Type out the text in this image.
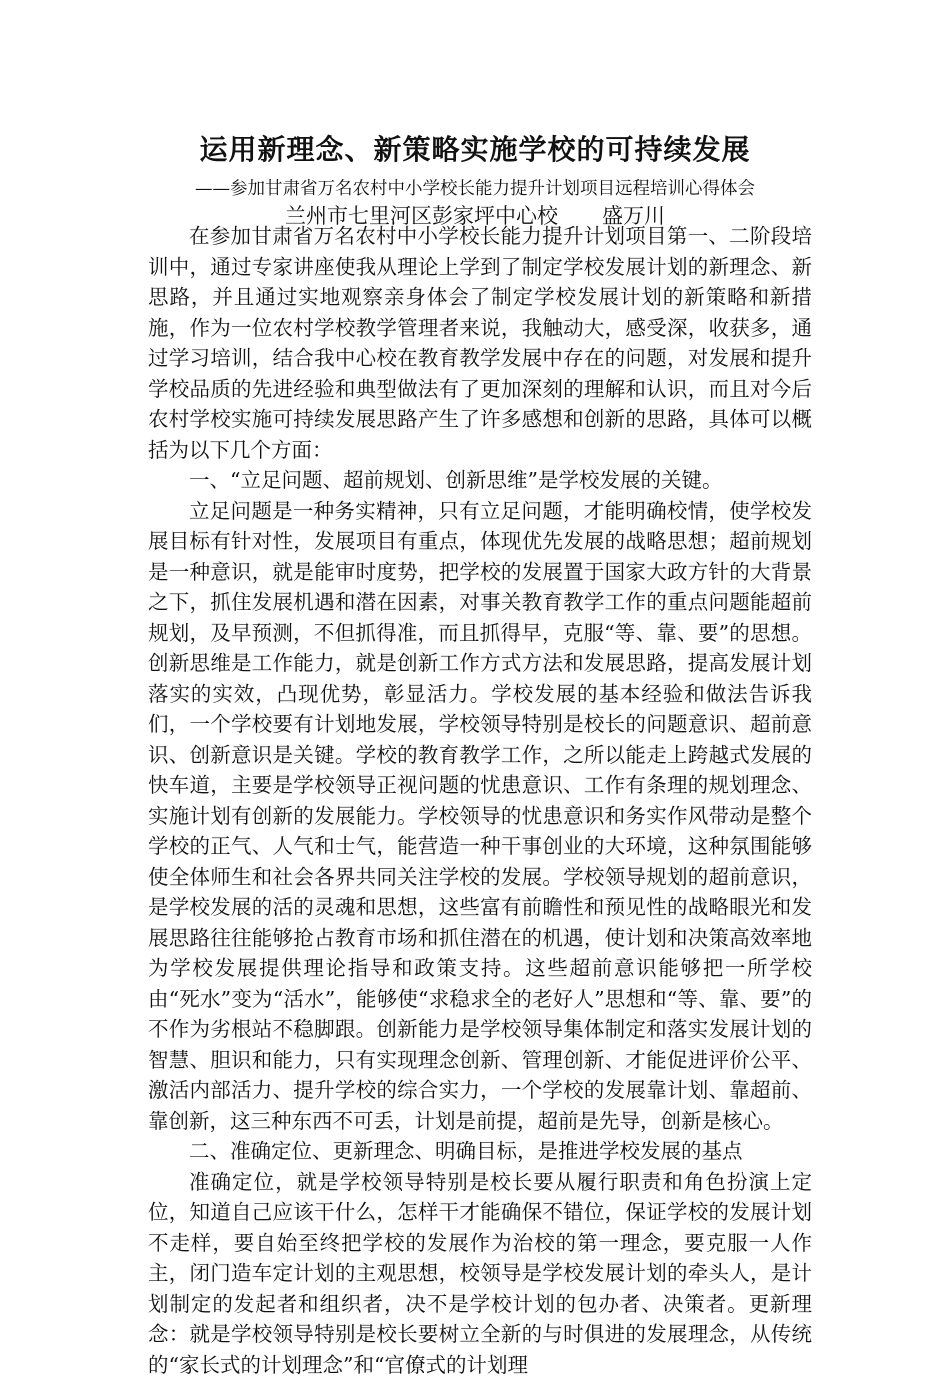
运用新理念、新策略实施学校的可持续发展
——参加甘肃省万名农村中小学校长能力提升计划项目远程培训心得体会
兰州市七里河区彭家坪中心校 盛万川

在参加甘肃省万名农村中小学校长能力提升计划项目第一、二阶段培训中，通过专家讲座使我从理论上学到了制定学校发展计划的新理念、新思路，并且通过实地观察亲身体会了制定学校发展计划的新策略和新措施，作为一位农村学校教学管理者来说，我触动大，感受深，收获多，通过学习培训，结合我中心校在教育教学发展中存在的问题，对发展和提升学校品质的先进经验和典型做法有了更加深刻的理解和认识，而且对今后农村学校实施可持续发展思路产生了许多感想和创新的思路，具体可以概括为以下几个方面：

一、“立足问题、超前规划、创新思维”是学校发展的关键。

立足问题是一种务实精神，只有立足问题，才能明确校情，使学校发展目标有针对性，发展项目有重点，体现优先发展的战略思想；超前规划是一种意识，就是能审时度势，把学校的发展置于国家大政方针的大背景之下，抓住发展机遇和潜在因素，对事关教育教学工作的重点问题能超前规划，及早预测，不但抓得准，而且抓得早，克服“等、靠、要”的思想。创新思维是工作能力，就是创新工作方式方法和发展思路，提高发展计划落实的实效，凸现优势，彰显活力。学校发展的基本经验和做法告诉我们，一个学校要有计划地发展，学校领导特别是校长的问题意识、超前意识、创新意识是关键。学校的教育教学工作，之所以能走上跨越式发展的快车道，主要是学校领导正视问题的忧患意识、工作有条理的规划理念、实施计划有创新的发展能力。学校领导的忧患意识和务实作风带动是整个学校的正气、人气和士气，能营造一种干事创业的大环境，这种氛围能够使全体师生和社会各界共同关注学校的发展。学校领导规划的超前意识，是学校发展的活的灵魂和思想，这些富有前瞻性和预见性的战略眼光和发展思路往往能够抢占教育市场和抓住潜在的机遇，使计划和决策高效率地为学校发展提供理论指导和政策支持。这些超前意识能够把一所学校由“死水”变为“活水”，能够使“求稳求全的老好人”思想和“等、靠、要”的不作为劣根站不稳脚跟。创新能力是学校领导集体制定和落实发展计划的智慧、胆识和能力，只有实现理念创新、管理创新、才能促进评价公平、激活内部活力、提升学校的综合实力，一个学校的发展靠计划、靠超前、靠创新，这三种东西不可丢，计划是前提，超前是先导，创新是核心。

二、准确定位、更新理念、明确目标，是推进学校发展的基点

准确定位，就是学校领导特别是校长要从履行职责和角色扮演上定位，知道自己应该干什么，怎样干才能确保不错位，保证学校的发展计划不走样，要自始至终把学校的发展作为治校的第一理念，要克服一人作主，闭门造车定计划的主观思想，校领导是学校发展计划的牵头人，是计划制定的发起者和组织者，决不是学校计划的包办者、决策者。更新理念：就是学校领导特别是校长要树立全新的与时俱进的发展理念，从传统的“家长式的计划理念”和“官僚式的计划理
